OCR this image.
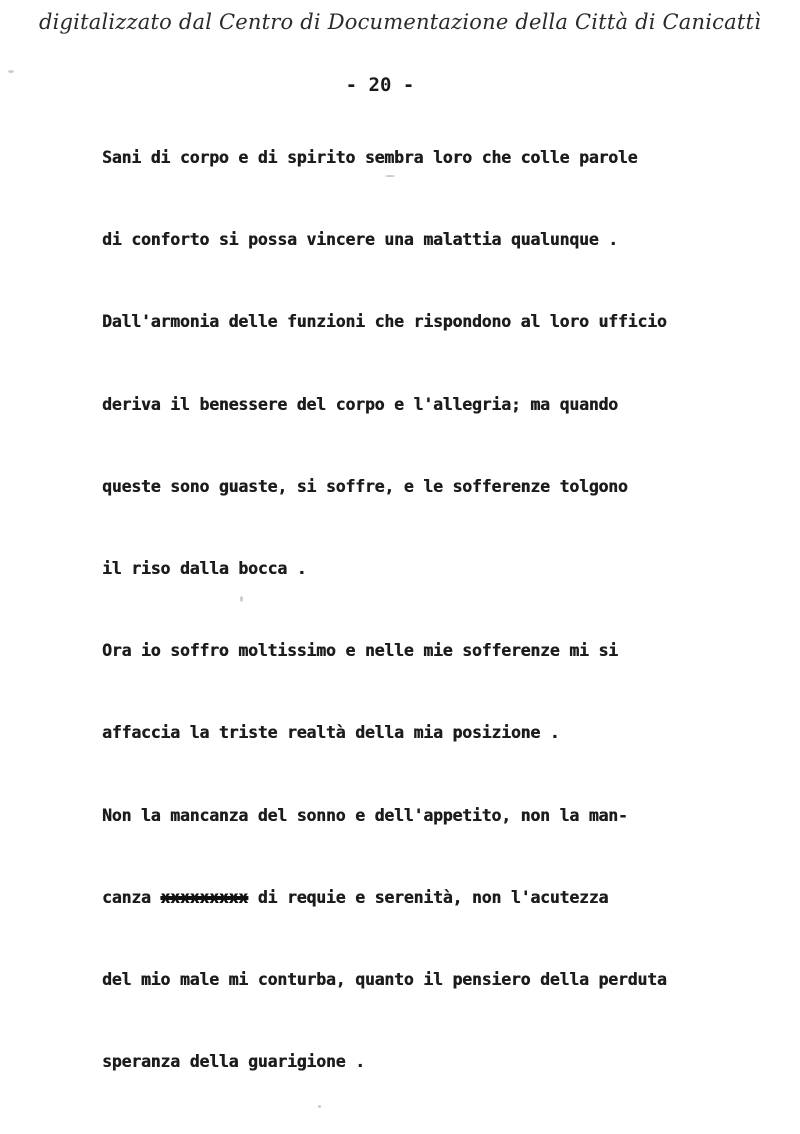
digitalizzato dal Centro di Documentazione della Città di Canicattì
- 20 -
Sani di corpo e di spirito sembra loro che colle parole
di conforto si possa vincere una malattia qualunque .
Dall'armonia delle funzioni che rispondono al loro ufficio
deriva il benessere del corpo e l'allegria; ma quando
queste sono guaste, si soffre, e le sofferenze tolgono
il riso dalla bocca .
Ora io soffro moltissimo e nelle mie sofferenze mi si
affaccia la triste realtà della mia posizione .
Non la mancanza del sonno e dell'appetito, non la man-
canza xxxxxxxxx di requie e serenità, non l'acutezza
del mio male mi conturba, quanto il pensiero della perduta
speranza della guarigione .
